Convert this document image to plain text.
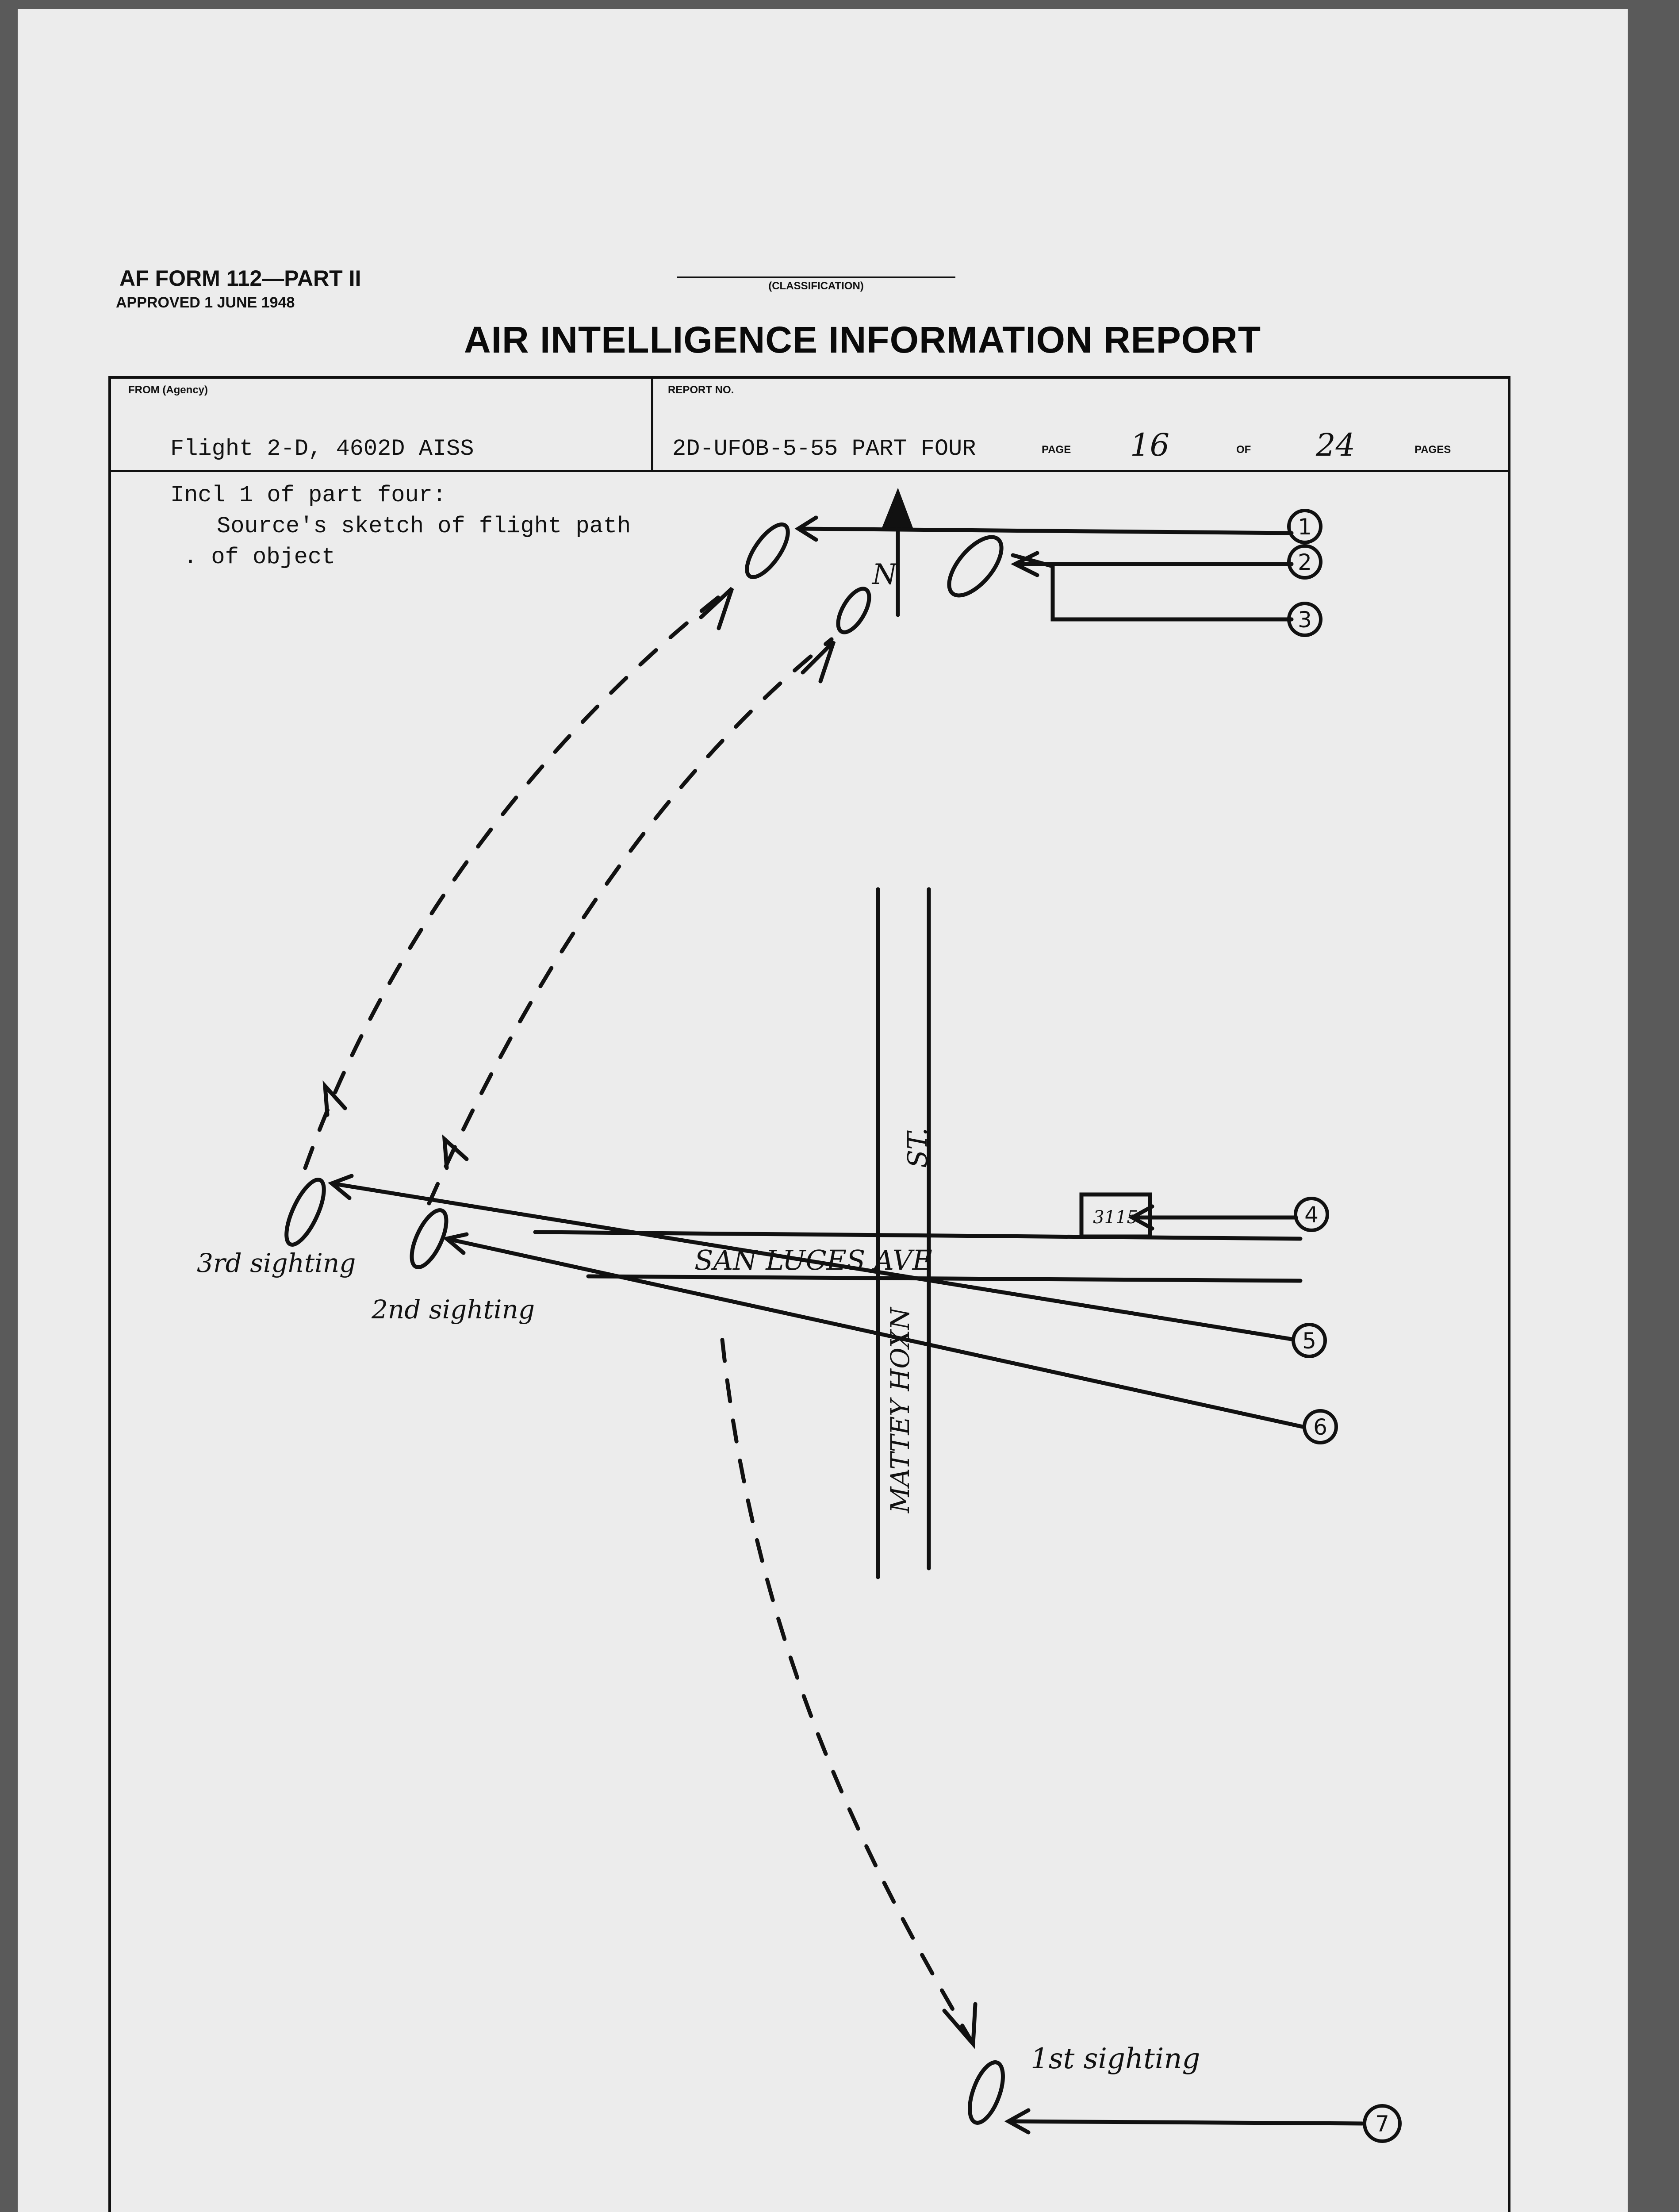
(CLASSIFICATION)
AF FORM 112—PART II
APPROVED 1 JUNE 1948
AIR INTELLIGENCE INFORMATION REPORT
FROM (Agency)
Flight 2-D, 4602D AISS
REPORT NO.
2D-UFOB-5-55 PART FOUR	PAGE 16	OF 24	PAGES
Incl 1 of part four:
Source's sketch of flight path
. of object
1
2
3
4
5
6
7
N
ST.
MATTEY HOXN
SAN LUCES AVE
3115
3rd sighting
2nd sighting
1st sighting
